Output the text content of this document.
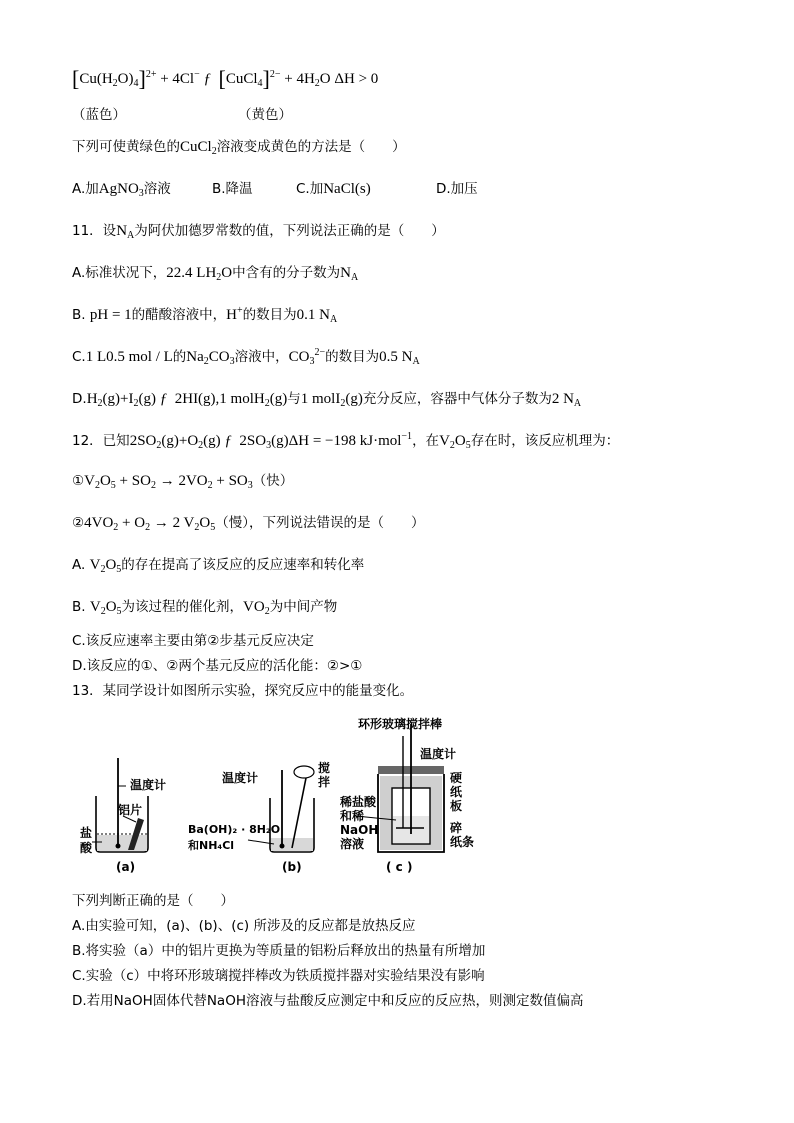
$[Cu(H_2O)_4]^{2+} + 4Cl^-$ ƒ [CuCl$_4$]$^{2-}$ + $4H_2O$ ΔH > 0
（蓝色）	（黄色）
下列可使黄绿色的CuCl$_2$溶液变成黄色的方法是（　　）
A.加AgNO$_3$溶液	B.降温	C.加NaCl(s)	D.加压
11．设$N_A$为阿伏加德罗常数的值，下列说法正确的是（　　）
A.标准状况下，22.4 $LH_2O$中含有的分子数为$N_A$
B. pH = 1的醋酸溶液中，H+的数目为0.1 $N_A$
C.1 L0.5 mol / L的$Na_2CO_3$溶液中，$CO_3^{2-}$的数目为0.5 $N_A$
$D.H_2(g)+I_2(g)$ ƒ  2HI(g),1 molH$_2$(g)与1 molI$_2$(g)充分反应，容器中气体分子数为2 $N_A$
12．已知$2SO_2(g)+O_2(g)$ ƒ  $2SO_3(g)\Delta H = -198$ kJ·mol$^{-1}$，在$V_2O_5$存在时，该反应机理为：
$①V_2O_5 + SO_2 \to 2VO_2 + SO_3$（快）
$②4VO_2 + O_2 \to 2$ $V_2O_5$（慢），下列说法错误的是（　　）
A. $V_2O_5$的存在提高了该反应的反应速率和转化率
B. $V_2O_5$为该过程的催化剂，$VO_2$为中间产物
C.该反应速率主要由第②步基元反应决定
D.该反应的①、②两个基元反应的活化能：②>①
13．某同学设计如图所示实验，探究反应中的能量变化。
温度计
铝片
盐
酸
(a)
温度计
搅
拌
Ba(OH)₂ · 8H₂O
和NH₄Cl
(b)
环形玻璃搅拌棒
温度计
硬
纸
板
稀盐酸
和稀
NaOH
溶液
碎
纸条
( c )
下列判断正确的是（　　）
A.由实验可知，(a)、(b)、(c) 所涉及的反应都是放热反应
B.将实验（a）中的铝片更换为等质量的铝粉后释放出的热量有所增加
C.实验（c）中将环形玻璃搅拌棒改为铁质搅拌器对实验结果没有影响
D.若用NaOH固体代替NaOH溶液与盐酸反应测定中和反应的反应热，则测定数值偏高
